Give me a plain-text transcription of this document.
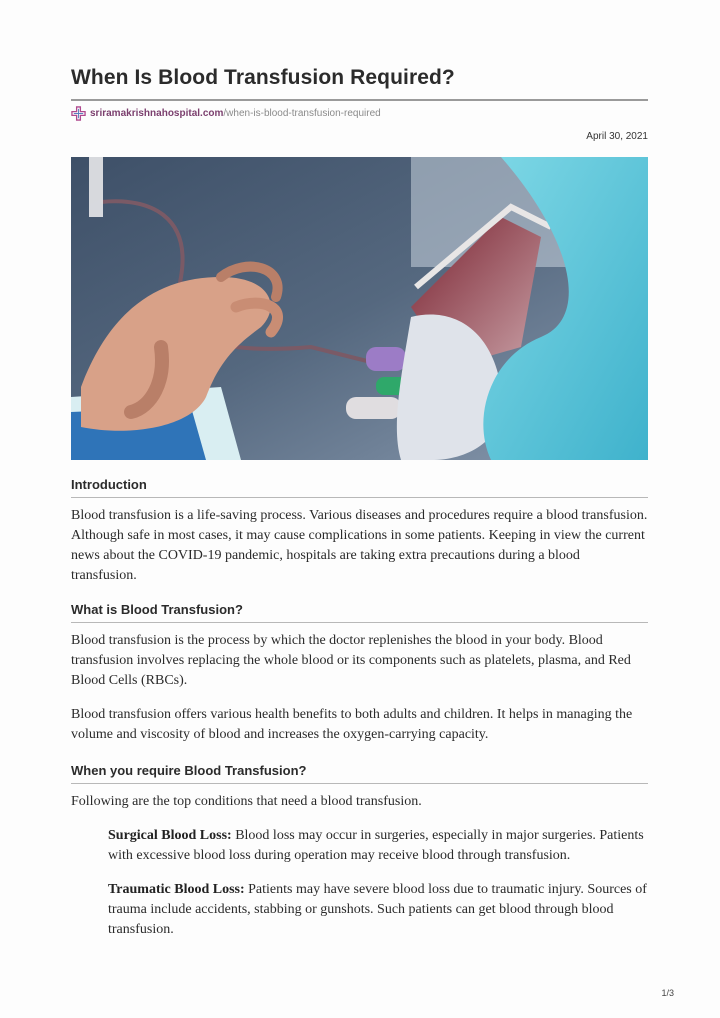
When Is Blood Transfusion Required?
sriramakrishnahospital.com /when-is-blood-transfusion-required
April 30, 2021
Introduction

Blood transfusion is a life-saving process. Various diseases and procedures require a blood transfusion. Although safe in most cases, it may cause complications in some patients. Keeping in view the current news about the COVID-19 pandemic, hospitals are taking extra precautions during a blood transfusion.

What is Blood Transfusion?

Blood transfusion is the process by which the doctor replenishes the blood in your body. Blood transfusion involves replacing the whole blood or its components such as platelets, plasma, and Red Blood Cells (RBCs).

Blood transfusion offers various health benefits to both adults and children. It helps in managing the volume and viscosity of blood and increases the oxygen-carrying capacity.

When you require Blood Transfusion?

Following are the top conditions that need a blood transfusion.

Surgical Blood Loss: Blood loss may occur in surgeries, especially in major surgeries. Patients with excessive blood loss during operation may receive blood through transfusion.

Traumatic Blood Loss: Patients may have severe blood loss due to traumatic injury. Sources of trauma include accidents, stabbing or gunshots. Such patients can get blood through blood transfusion.

1/3
